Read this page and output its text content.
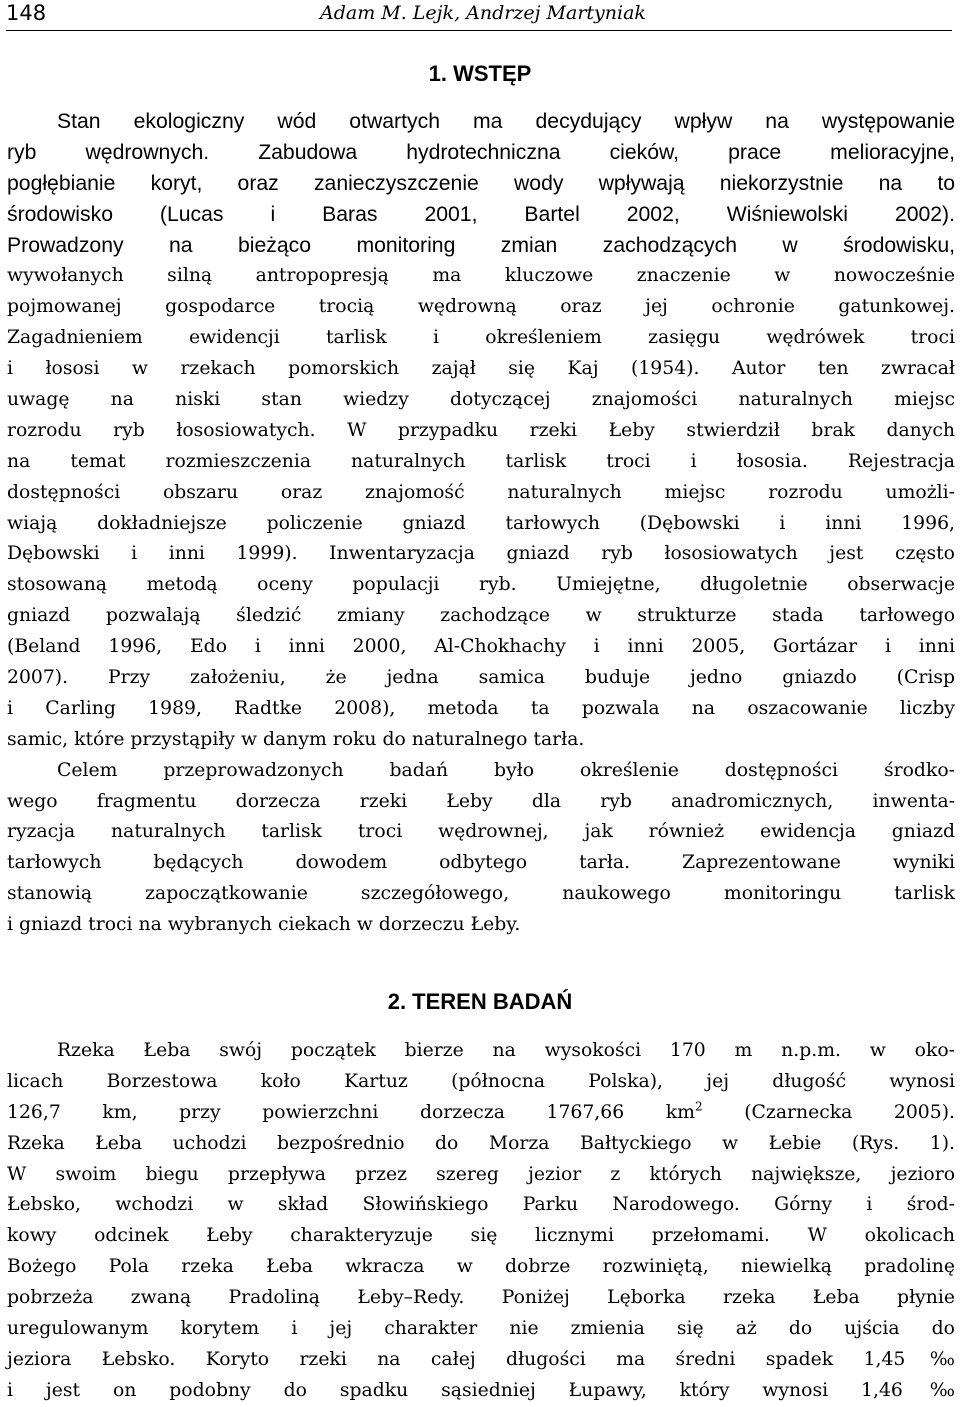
148	Adam M. Lejk, Andrzej Martyniak
1. WSTĘP
Stan ekologiczny wód otwartych ma decydujący wpływ na występowanie
ryb wędrownych. Zabudowa hydrotechniczna cieków, prace melioracyjne,
pogłębianie koryt, oraz zanieczyszczenie wody wpływają niekorzystnie na to
środowisko (Lucas i Baras 2001, Bartel 2002, Wiśniewolski 2002).
Prowadzony na bieżąco monitoring zmian zachodzących w środowisku,
wywołanych silną antropopresją ma kluczowe znaczenie w nowocześnie
pojmowanej gospodarce trocią wędrowną oraz jej ochronie gatunkowej.
Zagadnieniem ewidencji tarlisk i określeniem zasięgu wędrówek troci
i łososi w rzekach pomorskich zajął się Kaj (1954). Autor ten zwracał
uwagę na niski stan wiedzy dotyczącej znajomości naturalnych miejsc
rozrodu ryb łososiowatych. W przypadku rzeki Łeby stwierdził brak danych
na temat rozmieszczenia naturalnych tarlisk troci i łososia. Rejestracja
dostępności obszaru oraz znajomość naturalnych miejsc rozrodu umożli-
wiają dokładniejsze policzenie gniazd tarłowych (Dębowski i inni 1996,
Dębowski i inni 1999). Inwentaryzacja gniazd ryb łososiowatych jest często
stosowaną metodą oceny populacji ryb. Umiejętne, długoletnie obserwacje
gniazd pozwalają śledzić zmiany zachodzące w strukturze stada tarłowego
(Beland 1996, Edo i inni 2000, Al-Chokhachy i inni 2005, Gortázar i inni
2007). Przy założeniu, że jedna samica buduje jedno gniazdo (Crisp
i Carling 1989, Radtke 2008), metoda ta pozwala na oszacowanie liczby
samic, które przystąpiły w danym roku do naturalnego tarła.
Celem przeprowadzonych badań było określenie dostępności środko-
wego fragmentu dorzecza rzeki Łeby dla ryb anadromicznych, inwenta-
ryzacja naturalnych tarlisk troci wędrownej, jak również ewidencja gniazd
tarłowych będących dowodem odbytego tarła. Zaprezentowane wyniki
stanowią zapoczątkowanie szczegółowego, naukowego monitoringu tarlisk
i gniazd troci na wybranych ciekach w dorzeczu Łeby.
2. TEREN BADAŃ
Rzeka Łeba swój początek bierze na wysokości 170 m n.p.m. w oko-
licach Borzestowa koło Kartuz (północna Polska), jej długość wynosi
126,7 km, przy powierzchni dorzecza 1767,66 $km^2$ (Czarnecka 2005).
Rzeka Łeba uchodzi bezpośrednio do Morza Bałtyckiego w Łebie (Rys. 1).
W swoim biegu przepływa przez szereg jezior z których największe, jezioro
Łebsko, wchodzi w skład Słowińskiego Parku Narodowego. Górny i środ-
kowy odcinek Łeby charakteryzuje się licznymi przełomami. W okolicach
Bożego Pola rzeka Łeba wkracza w dobrze rozwiniętą, niewielką pradolinę
pobrzeża zwaną Pradoliną Łeby–Redy. Poniżej Lęborka rzeka Łeba płynie
uregulowanym korytem i jej charakter nie zmienia się aż do ujścia do
jeziora Łebsko. Koryto rzeki na całej długości ma średni spadek 1,45‰
i jest on podobny do spadku sąsiedniej Łupawy, który wynosi 1,46‰
